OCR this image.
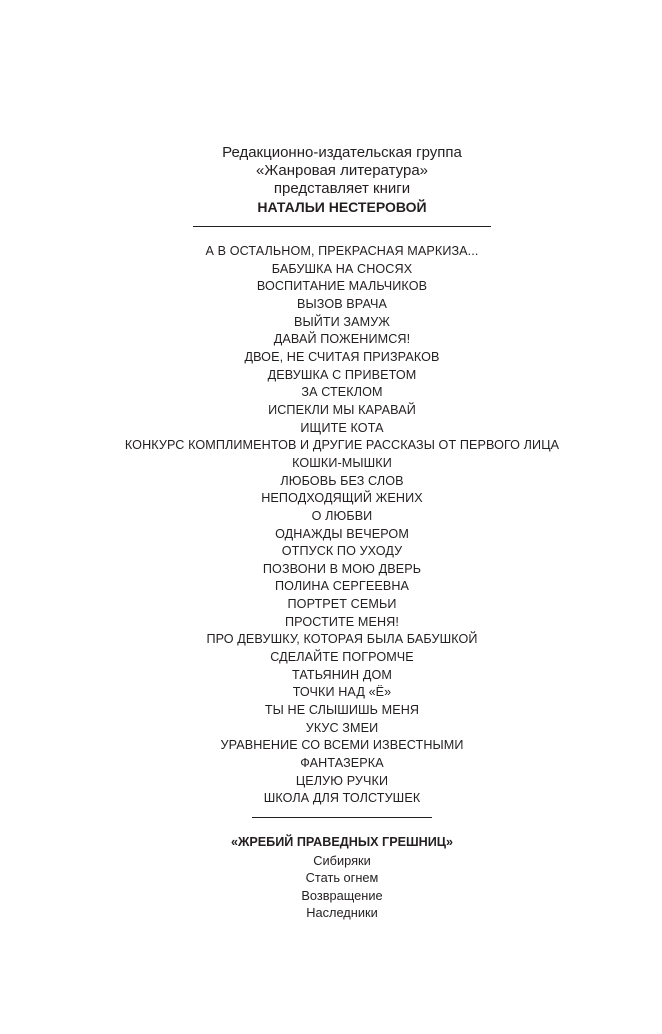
Редакционно-издательская группа
«Жанровая литература»
представляет книги
НАТАЛЬИ НЕСТЕРОВОЙ
А В ОСТАЛЬНОМ, ПРЕКРАСНАЯ МАРКИЗА...
БАБУШКА НА СНОСЯХ
ВОСПИТАНИЕ МАЛЬЧИКОВ
ВЫЗОВ ВРАЧА
ВЫЙТИ ЗАМУЖ
ДАВАЙ ПОЖЕНИМСЯ!
ДВОЕ, НЕ СЧИТАЯ ПРИЗРАКОВ
ДЕВУШКА С ПРИВЕТОМ
ЗА СТЕКЛОМ
ИСПЕКЛИ МЫ КАРАВАЙ
ИЩИТЕ КОТА
КОНКУРС КОМПЛИМЕНТОВ И ДРУГИЕ РАССКАЗЫ ОТ ПЕРВОГО ЛИЦА
КОШКИ-МЫШКИ
ЛЮБОВЬ БЕЗ СЛОВ
НЕПОДХОДЯЩИЙ ЖЕНИХ
О ЛЮБВИ
ОДНАЖДЫ ВЕЧЕРОМ
ОТПУСК ПО УХОДУ
ПОЗВОНИ В МОЮ ДВЕРЬ
ПОЛИНА СЕРГЕЕВНА
ПОРТРЕТ СЕМЬИ
ПРОСТИТЕ МЕНЯ!
ПРО ДЕВУШКУ, КОТОРАЯ БЫЛА БАБУШКОЙ
СДЕЛАЙТЕ ПОГРОМЧЕ
ТАТЬЯНИН ДОМ
ТОЧКИ НАД «Ё»
ТЫ НЕ СЛЫШИШЬ МЕНЯ
УКУС ЗМЕИ
УРАВНЕНИЕ СО ВСЕМИ ИЗВЕСТНЫМИ
ФАНТАЗЕРКА
ЦЕЛУЮ РУЧКИ
ШКОЛА ДЛЯ ТОЛСТУШЕК
«ЖРЕБИЙ ПРАВЕДНЫХ ГРЕШНИЦ»
Сибиряки
Стать огнем
Возвращение
Наследники
